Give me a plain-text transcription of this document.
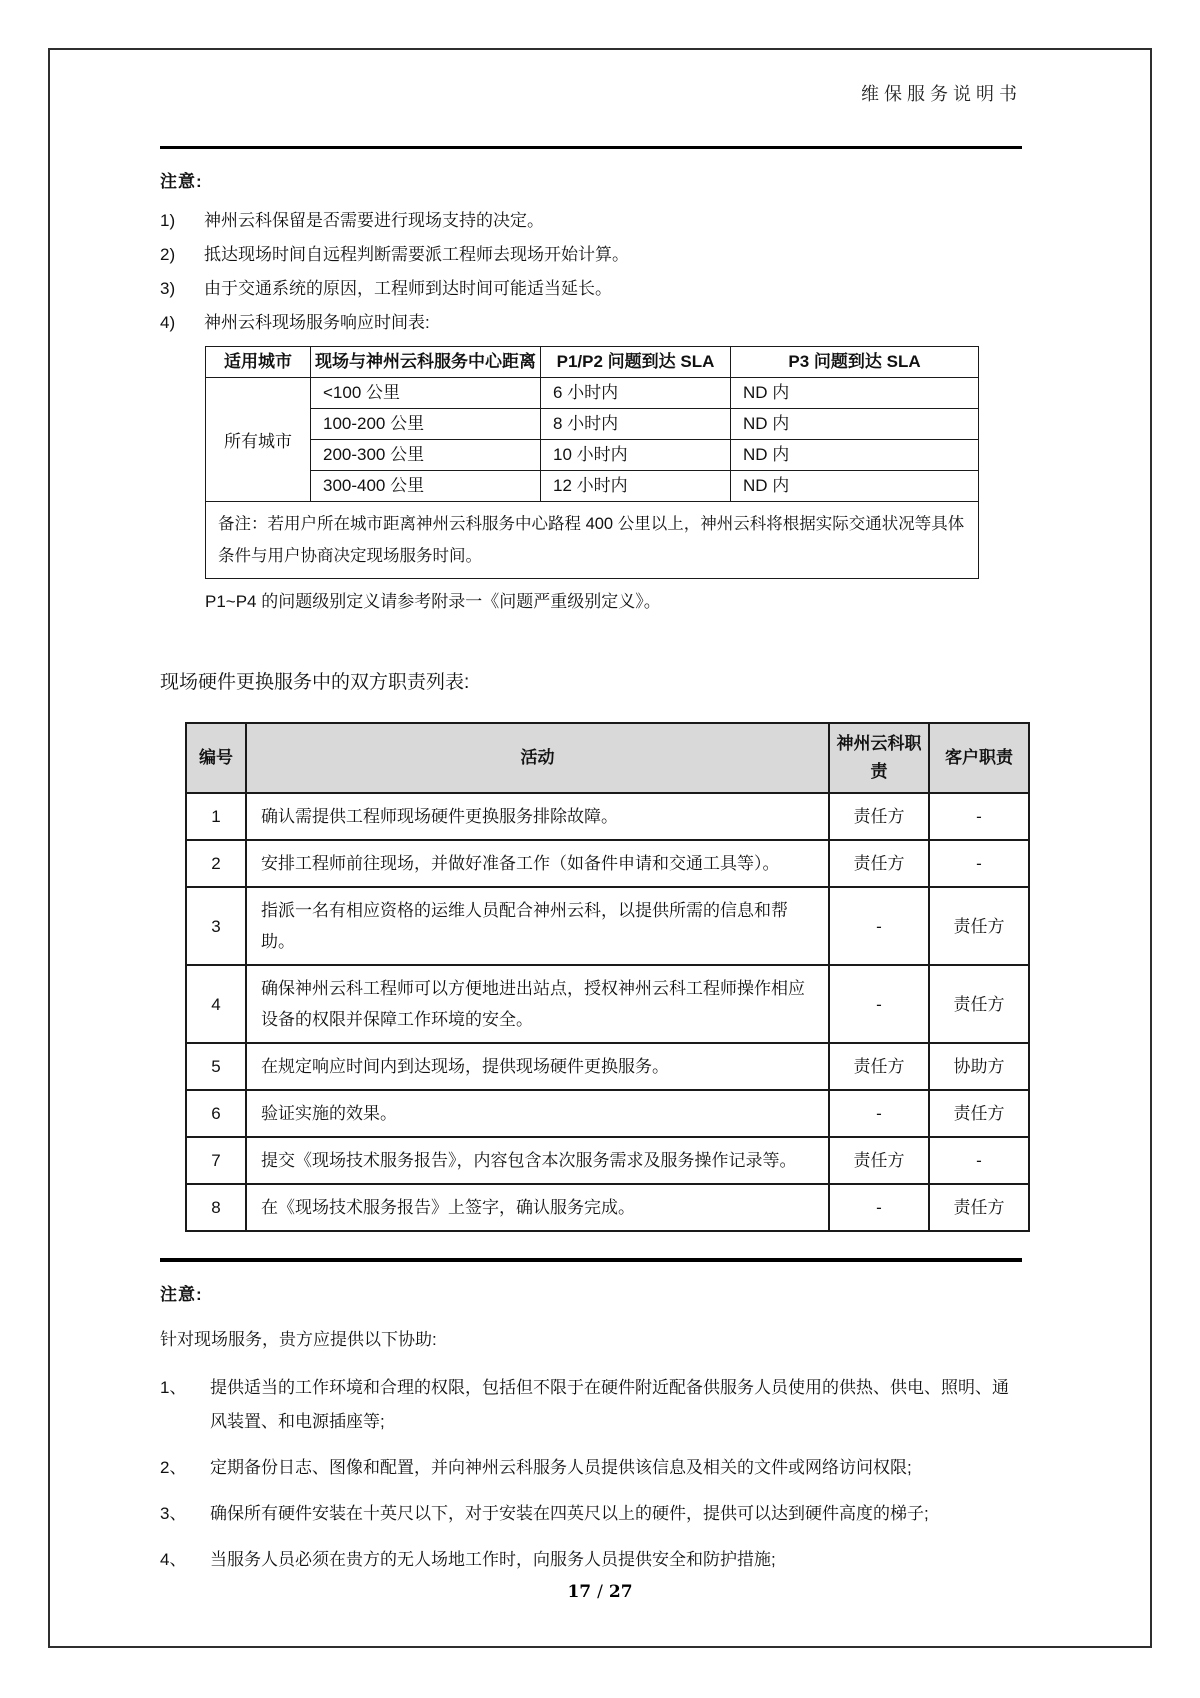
维保服务说明书
注意:
1)	神州云科保留是否需要进行现场支持的决定。
2)	抵达现场时间自远程判断需要派工程师去现场开始计算。
3)	由于交通系统的原因，工程师到达时间可能适当延长。
4)	神州云科现场服务响应时间表:
适用城市	现场与神州云科服务中心距离	P1/P2 问题到达 SLA	P3 问题到达 SLA
所有城市	<100 公里	6 小时内	ND 内
	100-200 公里	8 小时内	ND 内
	200-300 公里	10 小时内	ND 内
	300-400 公里	12 小时内	ND 内
备注：若用户所在城市距离神州云科服务中心路程 400 公里以上，神州云科将根据实际交通状况等具体条件与用户协商决定现场服务时间。			
P1~P4 的问题级别定义请参考附录一《问题严重级别定义》。
现场硬件更换服务中的双方职责列表:
编号	活动	神州云科职责	客户职责
1	确认需提供工程师现场硬件更换服务排除故障。	责任方	-
2	安排工程师前往现场，并做好准备工作（如备件申请和交通工具等）。	责任方	-
3	指派一名有相应资格的运维人员配合神州云科，以提供所需的信息和帮助。	-	责任方
4	确保神州云科工程师可以方便地进出站点，授权神州云科工程师操作相应设备的权限并保障工作环境的安全。	-	责任方
5	在规定响应时间内到达现场，提供现场硬件更换服务。	责任方	协助方
6	验证实施的效果。	-	责任方
7	提交《现场技术服务报告》，内容包含本次服务需求及服务操作记录等。	责任方	-
8	在《现场技术服务报告》上签字，确认服务完成。	-	责任方
注意:
针对现场服务，贵方应提供以下协助:
1、	提供适当的工作环境和合理的权限，包括但不限于在硬件附近配备供服务人员使用的供热、供电、照明、通风装置、和电源插座等;
2、	定期备份日志、图像和配置，并向神州云科服务人员提供该信息及相关的文件或网络访问权限;
3、	确保所有硬件安装在十英尺以下，对于安装在四英尺以上的硬件，提供可以达到硬件高度的梯子;
4、	当服务人员必须在贵方的无人场地工作时，向服务人员提供安全和防护措施;
17 / 27
